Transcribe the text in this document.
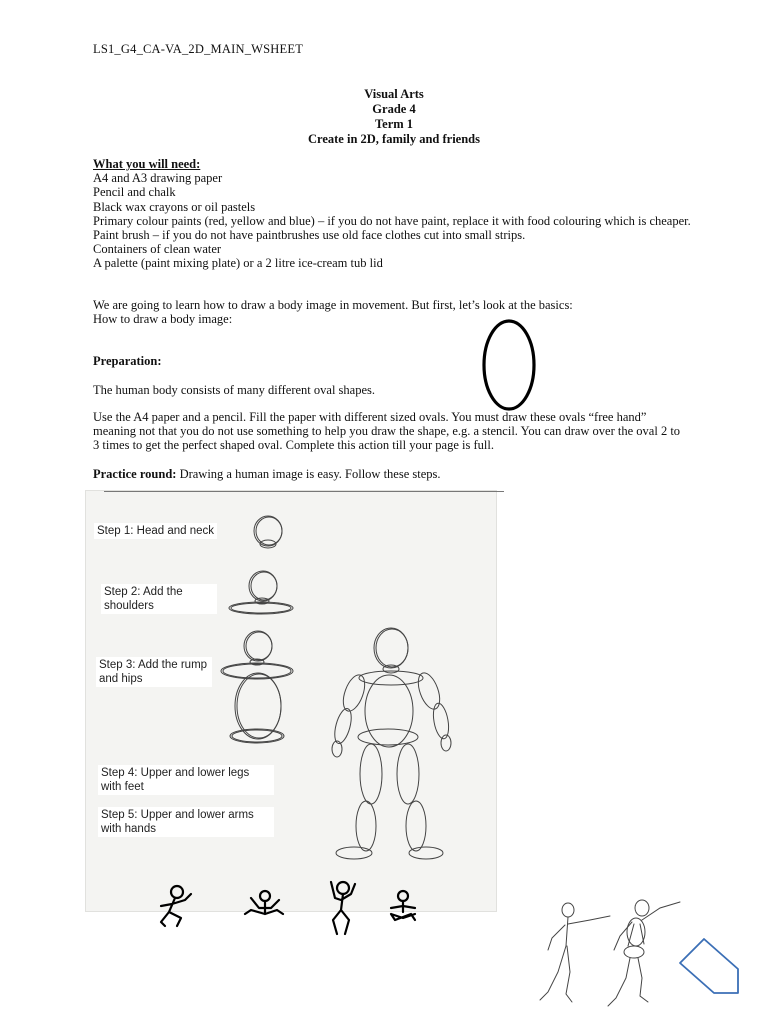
LS1_G4_CA-VA_2D_MAIN_WSHEET
Visual Arts
Grade 4
Term 1
Create in 2D, family and friends
What you will need:
A4 and A3 drawing paper
Pencil and chalk
Black wax crayons or oil pastels
Primary colour paints (red, yellow and blue) – if you do not have paint, replace it with food colouring which is cheaper.
Paint brush – if you do not have paintbrushes use old face clothes cut into small strips.
Containers of clean water
A palette (paint mixing plate) or a 2 litre ice-cream tub lid
We are going to learn how to draw a body image in movement. But first, let’s look at the basics:
How to draw a body image:
Preparation:
The human body consists of many different oval shapes.
Use the A4 paper and a pencil. Fill the paper with different sized ovals. You must draw these ovals “free hand” meaning not that you do not use something to help you draw the shape, e.g. a stencil. You can draw over the oval 2 to 3 times to get the perfect shaped oval. Complete this action till your page is full.
Practice round: Drawing a human image is easy. Follow these steps.
Step 1: Head and neck
Step 2: Add the shoulders
Step 3: Add the rump and hips
Step 4: Upper and lower legs with feet
Step 5: Upper and lower arms with hands
